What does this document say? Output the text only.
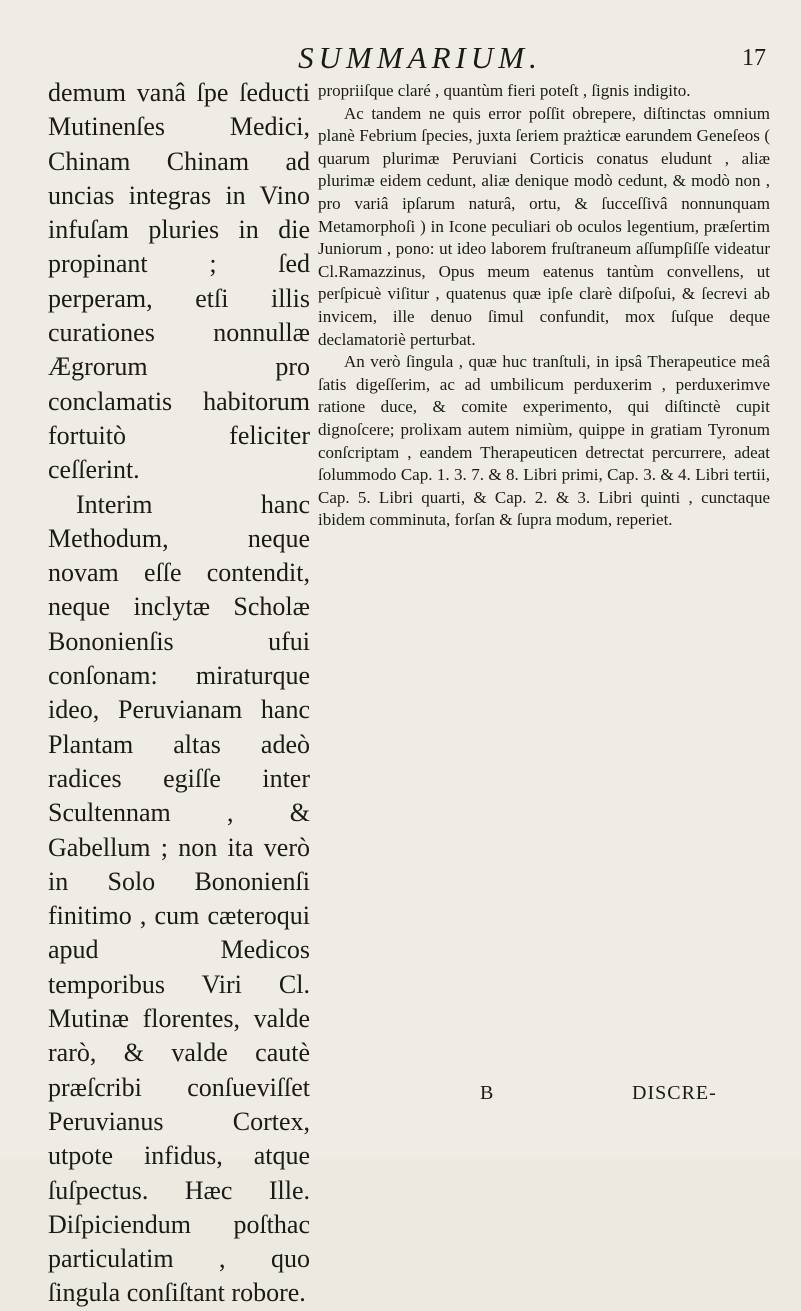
SUMMARIUM.	17

demum vanâ ſpe ſeducti Mutinenſes Medici, Chinam Chinam ad uncias integras in Vino infuſam pluries in die propinant ; ſed perperam, etſi illis curationes nonnullæ Ægrorum pro conclamatis habitorum fortuitò feliciter ceſſerint.

Interim hanc Methodum, neque novam eſſe contendit, neque inclytæ Scholæ Bononienſis ufui conſonam: miraturque ideo, Peruvianam hanc Plantam altas adeò radices egiſſe inter Scultennam , & Gabellum ; non ita verò in Solo Bononienſi finitimo , cum cæteroqui apud Medicos temporibus Viri Cl. Mutinæ florentes, valde rarò, & valde cautè præſcribi conſueviſſet Peruvianus Cortex, utpote infidus, atque ſuſpectus. Hæc Ille. Diſpiciendum poſthac particulatim , quo ſingula conſiſtant robore.

propriiſque claré , quantùm fieri poteſt , ſignis indigito.

Ac tandem ne quis error poſſit obrepere, diſtinctas omnium planè Febrium ſpecies, juxta ſeriem prażticæ earundem Geneſeos ( quarum plurimæ Peruviani Corticis conatus eludunt , aliæ plurimæ eidem cedunt, aliæ denique modò cedunt, & modò non , pro variâ ipſarum naturâ, ortu, & ſucceſſivâ nonnunquam Metamorphoſi ) in Icone peculiari ob oculos legentium, præſertim Juniorum , pono: ut ideo laborem fruſtraneum aſſumpſiſſe videatur Cl.Ramazzinus, Opus meum eatenus tantùm convellens, ut perſpicuè viſitur , quatenus quæ ipſe clarè diſpoſui, & ſecrevi ab invicem, ille denuo ſimul confundit, mox ſuſque deque declamatoriè perturbat.

An verò ſingula , quæ huc tranſtuli, in ipsâ Therapeutice meâ ſatis digeſſerim, ac ad umbilicum perduxerim , perduxerimve ratione duce, & comite experimento, qui diſtinctè cupit dignoſcere; prolixam autem nimiùm, quippe in gratiam Tyronum conſcriptam , eandem Therapeuticen detrectat percurrere, adeat ſolummodo Cap. 1. 3. 7. & 8. Libri primi, Cap. 3. & 4. Libri tertii, Cap. 5. Libri quarti, & Cap. 2. & 3. Libri quinti , cunctaque ibidem comminuta, forſan & ſupra modum, reperiet.

B	DISCRE-
